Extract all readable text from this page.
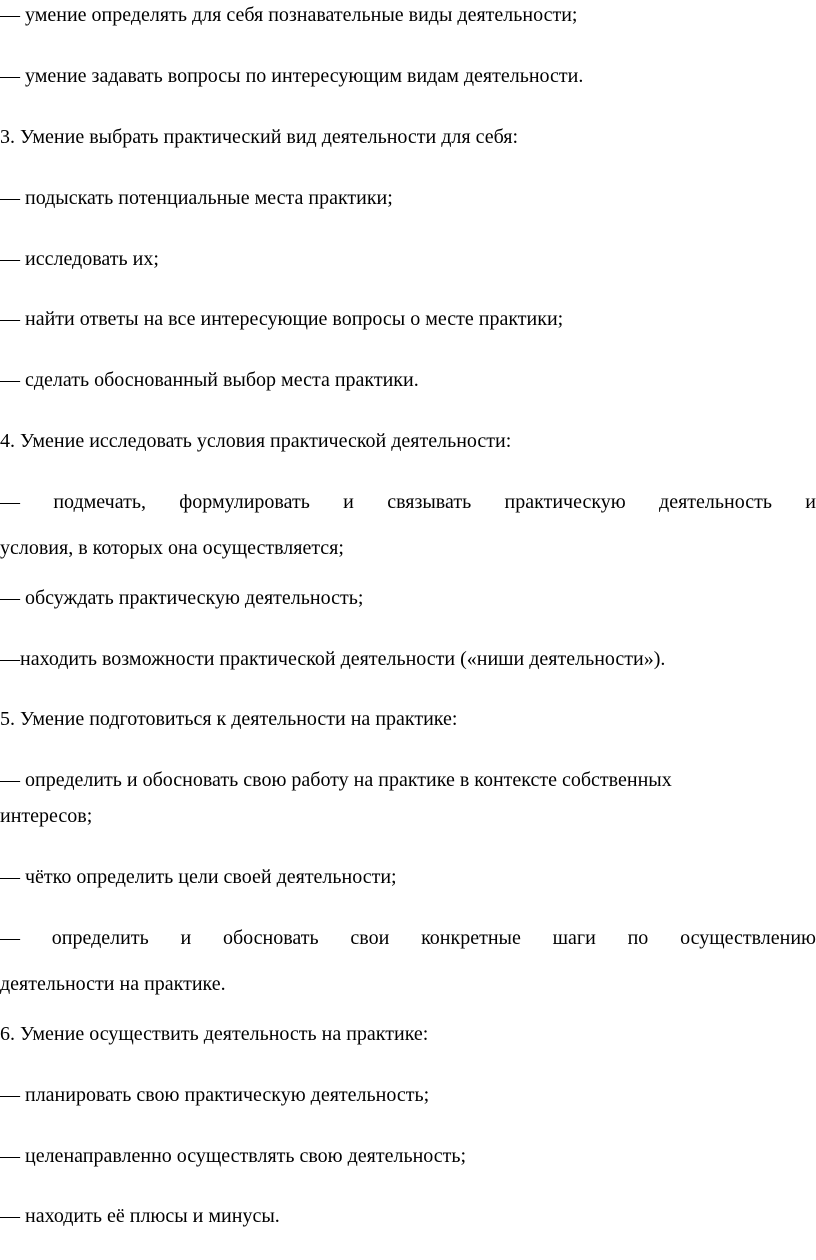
— умение определять для себя познавательные виды деятельности;
— умение задавать вопросы по интересующим видам деятельности.
3. Умение выбрать практический вид деятельности для себя:
— подыскать потенциальные места практики;
— исследовать их;
— найти ответы на все интересующие вопросы о месте практики;
— сделать обоснованный выбор места практики.
4. Умение исследовать условия практической деятельности:
— подмечать, формулировать и связывать практическую деятельность и
условия, в которых она осуществляется;
— обсуждать практическую деятельность;
—находить возможности практической деятельности («ниши деятельности»).
5. Умение подготовиться к деятельности на практике:
— определить и обосновать свою работу на практике в контексте собственных
интересов;
— чётко определить цели своей деятельности;
— определить и обосновать свои конкретные шаги по осуществлению
деятельности на практике.
6. Умение осуществить деятельность на практике:
— планировать свою практическую деятельность;
— целенаправленно осуществлять свою деятельность;
— находить её плюсы и минусы.
